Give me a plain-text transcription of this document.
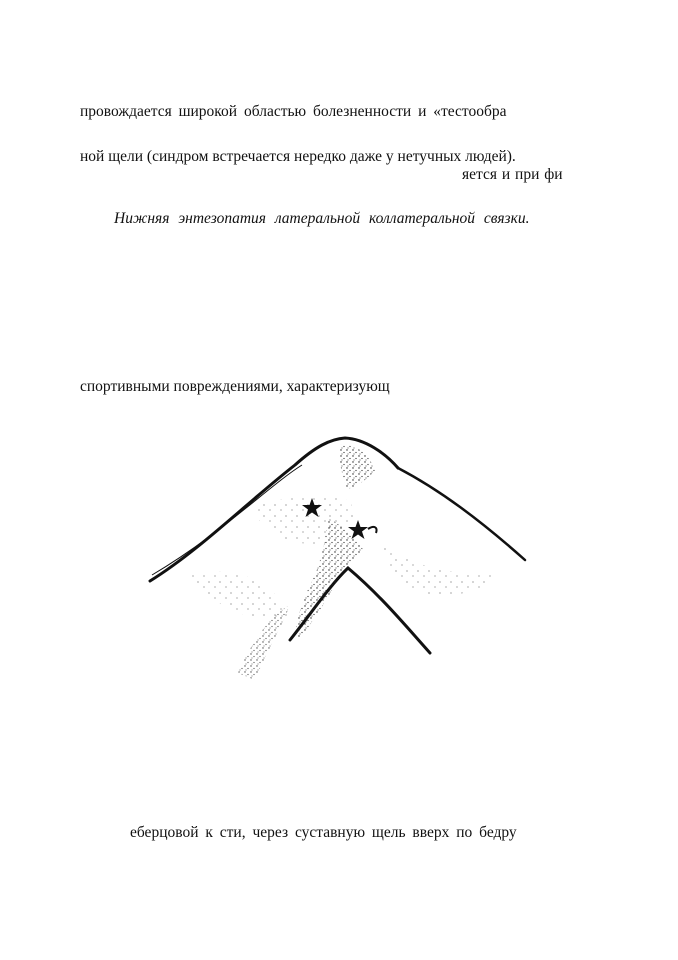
провождается широкой областью болезненности и «тестообра
ной щели (синдром встречается нередко даже у нетучных людей).
яется и при фи
Нижняя энтезопатия латеральной коллатеральной связки.
спортивными повреждениями, характеризующ
еберцовой к сти, через суставную щель вверх по бедру
